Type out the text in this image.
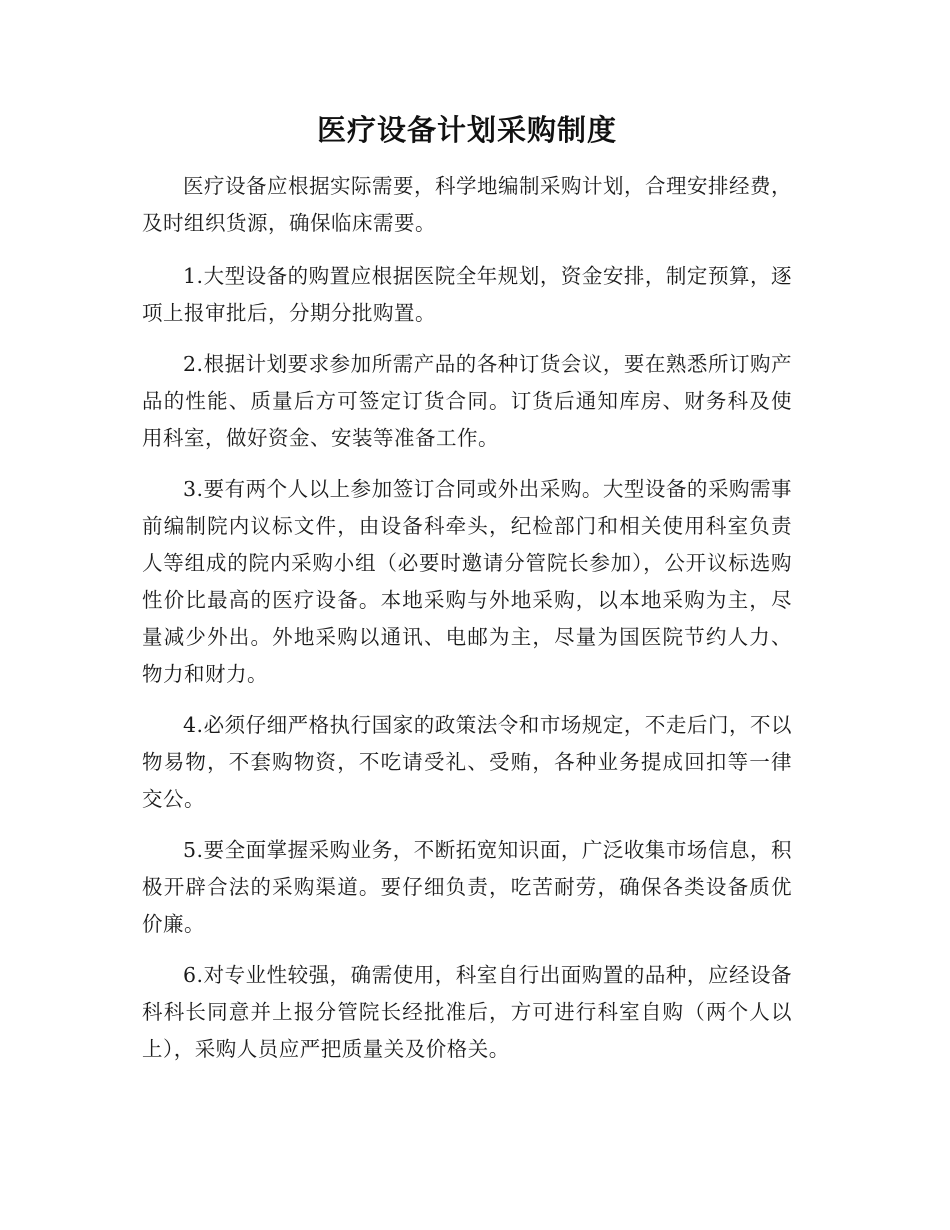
医疗设备计划采购制度

医疗设备应根据实际需要，科学地编制采购计划，合理安排经费，及时组织货源，确保临床需要。

1.大型设备的购置应根据医院全年规划，资金安排，制定预算，逐项上报审批后，分期分批购置。

2.根据计划要求参加所需产品的各种订货会议，要在熟悉所订购产品的性能、质量后方可签定订货合同。订货后通知库房、财务科及使用科室，做好资金、安装等准备工作。

3.要有两个人以上参加签订合同或外出采购。大型设备的采购需事前编制院内议标文件，由设备科牵头，纪检部门和相关使用科室负责人等组成的院内采购小组（必要时邀请分管院长参加），公开议标选购性价比最高的医疗设备。本地采购与外地采购，以本地采购为主，尽量减少外出。外地采购以通讯、电邮为主，尽量为国医院节约人力、物力和财力。

4.必须仔细严格执行国家的政策法令和市场规定，不走后门，不以物易物，不套购物资，不吃请受礼、受贿，各种业务提成回扣等一律交公。

5.要全面掌握采购业务，不断拓宽知识面，广泛收集市场信息，积极开辟合法的采购渠道。要仔细负责，吃苦耐劳，确保各类设备质优价廉。

6.对专业性较强，确需使用，科室自行出面购置的品种，应经设备科科长同意并上报分管院长经批准后，方可进行科室自购（两个人以上），采购人员应严把质量关及价格关。
